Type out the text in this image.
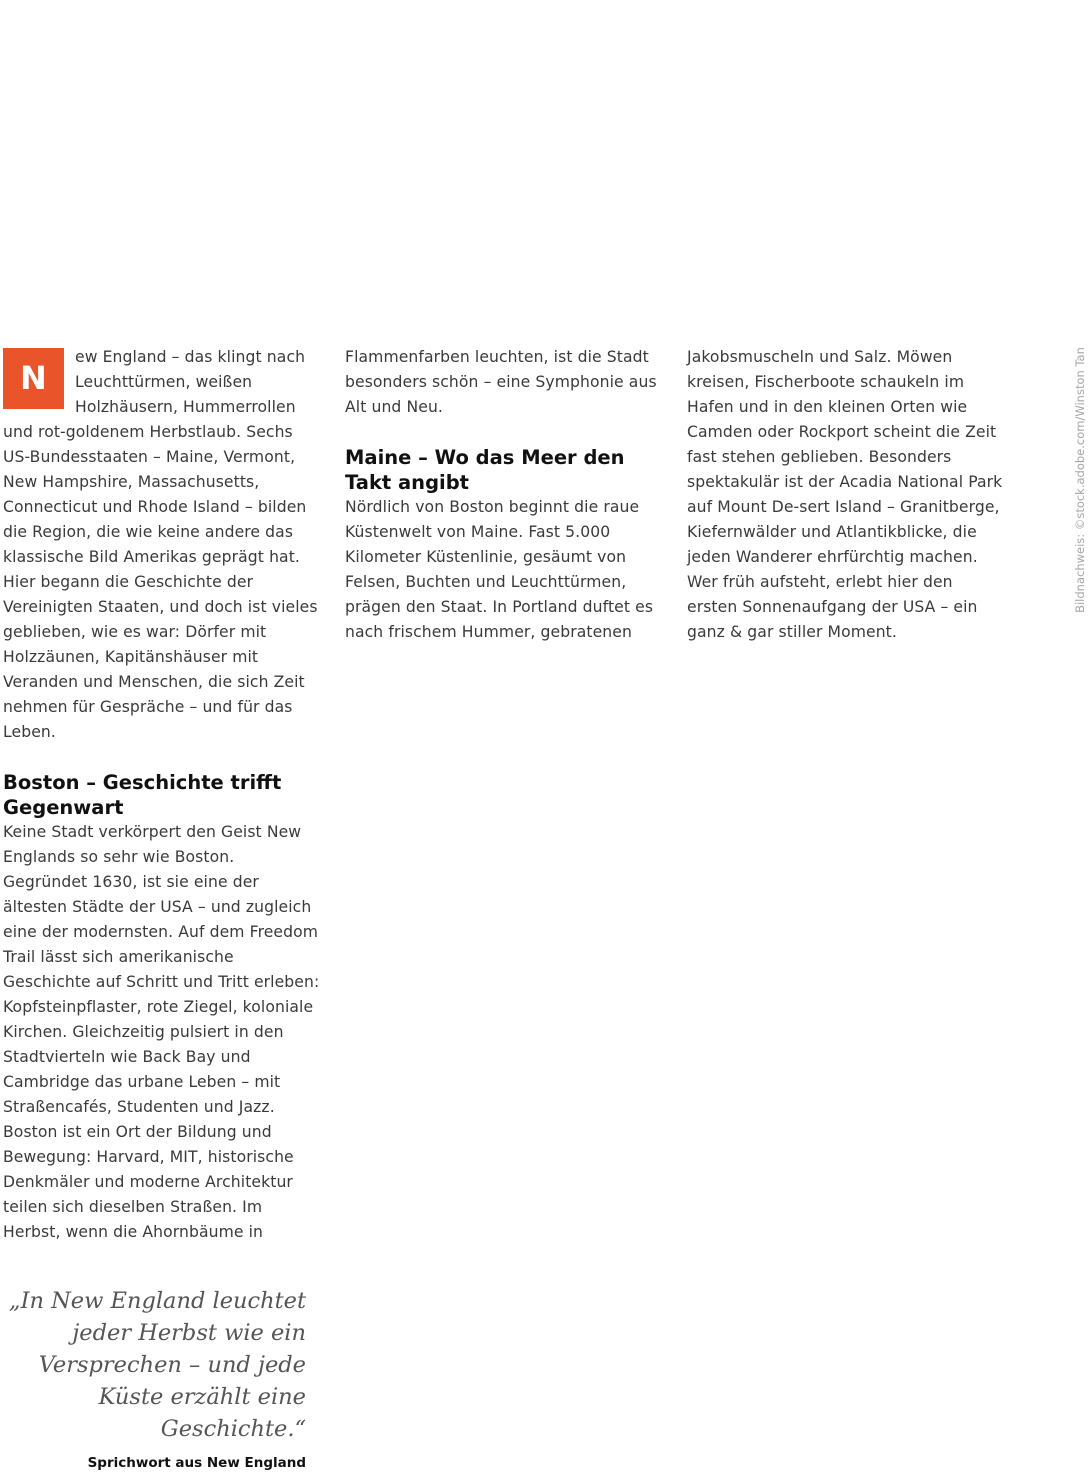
N
ew England – das klingt nach Leuchttürmen, weißen Holzhäusern, Hummerrollen und rot-goldenem Herbstlaub. Sechs US-Bundesstaaten – Maine, Vermont, New Hampshire, Massachusetts, Connecticut und Rhode Island – bilden die Region, die wie keine andere das klassische Bild Amerikas geprägt hat. Hier begann die Geschichte der Vereinigten Staaten, und doch ist vieles geblieben, wie es war: Dörfer mit Holzzäunen, Kapitänshäuser mit Veranden und Menschen, die sich Zeit nehmen für Gespräche – und für das Leben.

Boston – Geschichte trifft Gegenwart

Keine Stadt verkörpert den Geist New Englands so sehr wie Boston. Gegründet 1630, ist sie eine der ältesten Städte der USA – und zugleich eine der modernsten. Auf dem Freedom Trail lässt sich amerikanische Geschichte auf Schritt und Tritt erleben: Kopfsteinpflaster, rote Ziegel, koloniale Kirchen. Gleichzeitig pulsiert in den Stadtvierteln wie Back Bay und Cambridge das urbane Leben – mit Straßencafés, Studenten und Jazz. Boston ist ein Ort der Bildung und Bewegung: Harvard, MIT, historische Denkmäler und moderne Architektur teilen sich dieselben Straßen. Im Herbst, wenn die Ahornbäume in

Flammenfarben leuchten, ist die Stadt besonders schön – eine Symphonie aus Alt und Neu.

Maine – Wo das Meer den Takt angibt

Nördlich von Boston beginnt die raue Küstenwelt von Maine. Fast 5.000 Kilometer Küstenlinie, gesäumt von Felsen, Buchten und Leuchttürmen, prägen den Staat. In Portland duftet es nach frischem Hummer, gebratenen

Jakobsmuscheln und Salz. Möwen kreisen, Fischerboote schaukeln im Hafen und in den kleinen Orten wie Camden oder Rockport scheint die Zeit fast stehen geblieben. Besonders spektakulär ist der Acadia National Park auf Mount De-sert Island – Granitberge, Kiefernwälder und Atlantikblicke, die jeden Wanderer ehrfürchtig machen. Wer früh aufsteht, erlebt hier den ersten Sonnenaufgang der USA – ein ganz & gar stiller Moment.

„In New England leuchtet jeder Herbst wie ein Versprechen – und jede Küste erzählt eine Geschichte.“

Sprichwort aus New England

Bildnachweis: ©stock.adobe.com/Winston Tan
